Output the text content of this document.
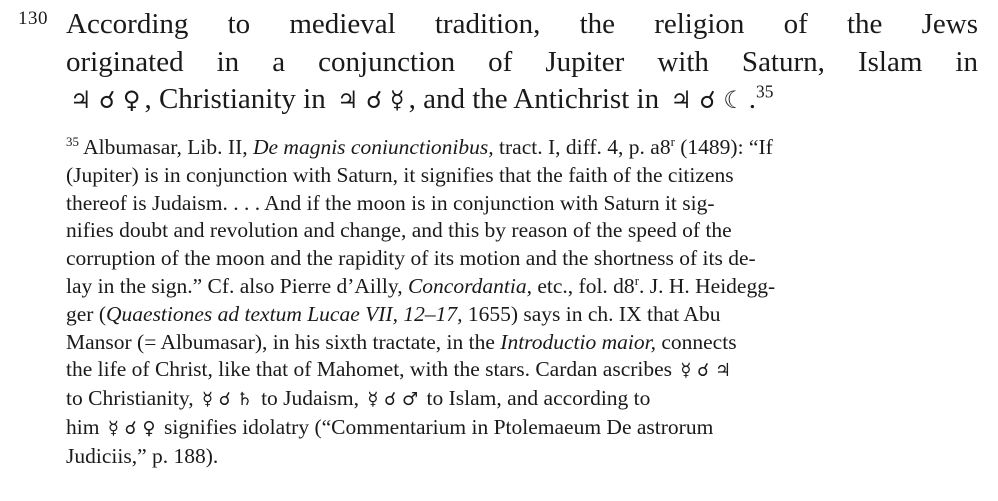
130 According to medieval tradition, the religion of the Jews
originated in a conjunction of Jupiter with Saturn, Islam in
♃ ☌ ♀ , Christianity in ♃ ☌ ☿ , and the Antichrist in ♃ ☌ ☾ .$^{35}$
$^{35}$ Albumasar, Lib. II, De magnis coniunctionibus, tract. I, diff. 4, p. a8$^r$ (1489): “If
(Jupiter) is in conjunction with Saturn, it signifies that the faith of the citizens
thereof is Judaism. . . . And if the moon is in conjunction with Saturn it sig-
nifies doubt and revolution and change, and this by reason of the speed of the
corruption of the moon and the rapidity of its motion and the shortness of its de-
lay in the sign.” Cf. also Pierre d’Ailly, Concordantia, etc., fol. d8$^r$. J. H. Heidegg-
ger (Quaestiones ad textum Lucae VII, 12–17, 1655) says in ch. IX that Abu
Mansor (= Albumasar), in his sixth tractate, in the Introductio maior, connects
the life of Christ, like that of Mahomet, with the stars. Cardan ascribes ☿ ☌ ♃
to Christianity, ☿ ☌ ♄ to Judaism, ☿ ☌ ♂ to Islam, and according to
him ☿ ☌ ♀ signifies idolatry (“Commentarium in Ptolemaeum De astrorum
Judiciis,” p. 188).
